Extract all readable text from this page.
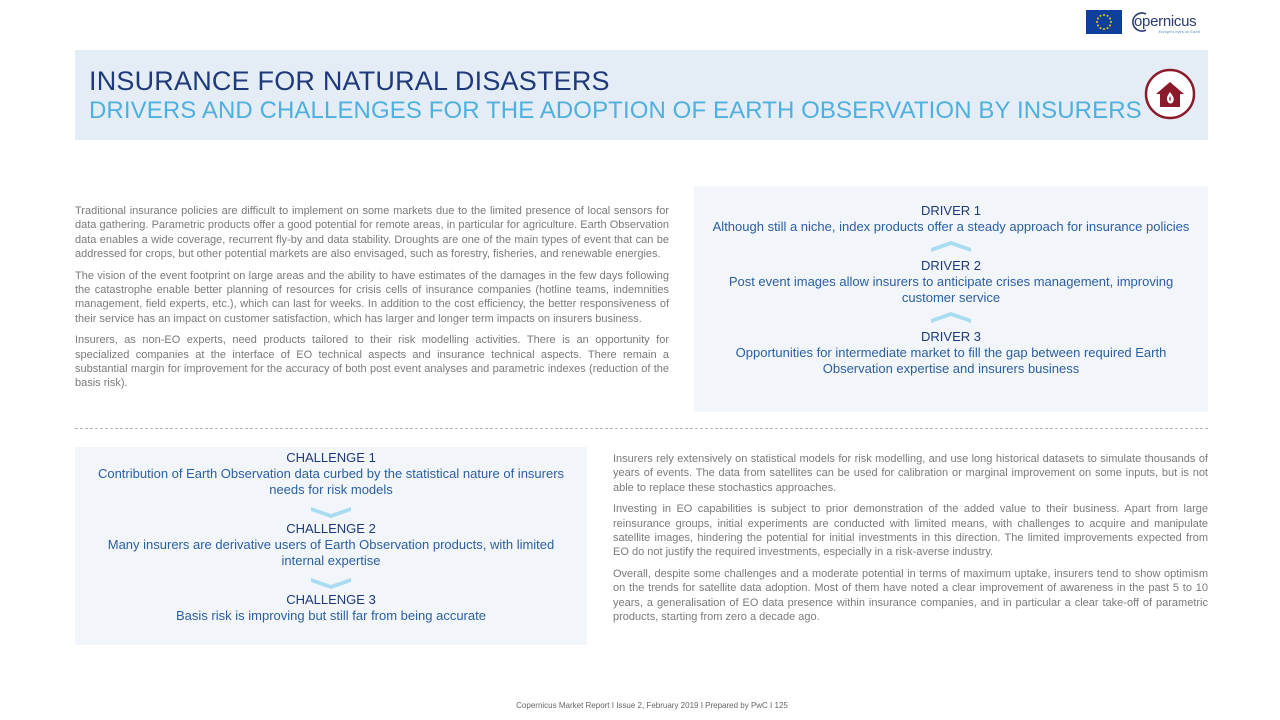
opernicus
Europe's eyes on Earth
INSURANCE FOR NATURAL DISASTERS
DRIVERS AND CHALLENGES FOR THE ADOPTION OF EARTH OBSERVATION BY INSURERS

Traditional insurance policies are difficult to implement on some markets due to the limited presence of local sensors for data gathering. Parametric products offer a good potential for remote areas, in particular for agriculture. Earth Observation data enables a wide coverage, recurrent fly-by and data stability. Droughts are one of the main types of event that can be addressed for crops, but other potential markets are also envisaged, such as forestry, fisheries, and renewable energies.

The vision of the event footprint on large areas and the ability to have estimates of the damages in the few days following the catastrophe enable better planning of resources for crisis cells of insurance companies (hotline teams, indemnities management, field experts, etc.), which can last for weeks. In addition to the cost efficiency, the better responsiveness of their service has an impact on customer satisfaction, which has larger and longer term impacts on insurers business.

Insurers, as non-EO experts, need products tailored to their risk modelling activities. There is an opportunity for specialized companies at the interface of EO technical aspects and insurance technical aspects. There remain a substantial margin for improvement for the accuracy of both post event analyses and parametric indexes (reduction of the basis risk).

DRIVER 1
Although still a niche, index products offer a steady approach for insurance policies
DRIVER 2
Post event images allow insurers to anticipate crises management, improving customer service
DRIVER 3
Opportunities for intermediate market to fill the gap between required Earth Observation expertise and insurers business
CHALLENGE 1
Contribution of Earth Observation data curbed by the statistical nature of insurers needs for risk models
CHALLENGE 2
Many insurers are derivative users of Earth Observation products, with limited internal expertise
CHALLENGE 3
Basis risk is improving but still far from being accurate

Insurers rely extensively on statistical models for risk modelling, and use long historical datasets to simulate thousands of years of events. The data from satellites can be used for calibration or marginal improvement on some inputs, but is not able to replace these stochastics approaches.

Investing in EO capabilities is subject to prior demonstration of the added value to their business. Apart from large reinsurance groups, initial experiments are conducted with limited means, with challenges to acquire and manipulate satellite images, hindering the potential for initial investments in this direction. The limited improvements expected from EO do not justify the required investments, especially in a risk-averse industry.

Overall, despite some challenges and a moderate potential in terms of maximum uptake, insurers tend to show optimism on the trends for satellite data adoption. Most of them have noted a clear improvement of awareness in the past 5 to 10 years, a generalisation of EO data presence within insurance companies, and in particular a clear take-off of parametric products, starting from zero a decade ago.

Copernicus Market Report I Issue 2, February 2019 I Prepared by PwC I 125
